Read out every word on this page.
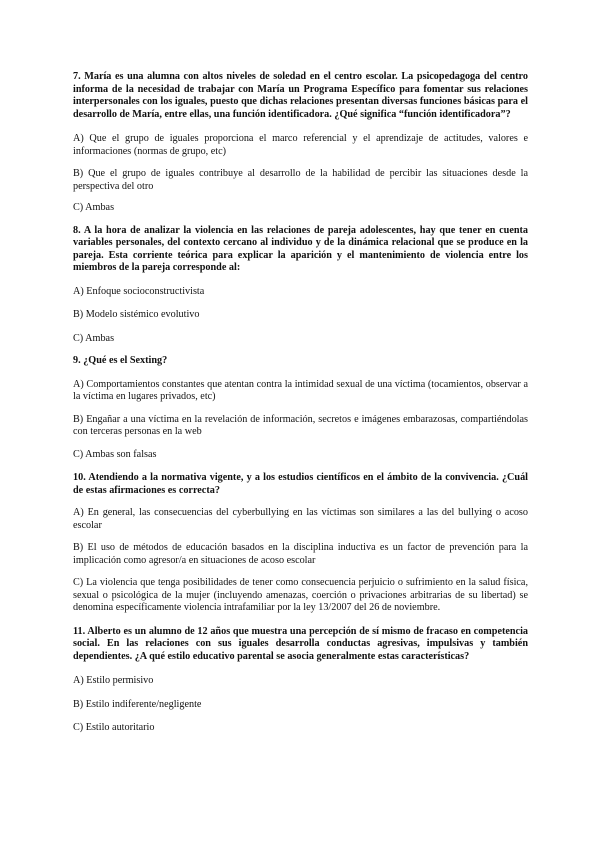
7. María es una alumna con altos niveles de soledad en el centro escolar. La psicopedagoga del centro informa de la necesidad de trabajar con María un Programa Específico para fomentar sus relaciones interpersonales con los iguales, puesto que dichas relaciones presentan diversas funciones básicas para el desarrollo de María, entre ellas, una función identificadora. ¿Qué significa “función identificadora”?

A) Que el grupo de iguales proporciona el marco referencial y el aprendizaje de actitudes, valores e informaciones (normas de grupo, etc)

B) Que el grupo de iguales contribuye al desarrollo de la habilidad de percibir las situaciones desde la perspectiva del otro

C) Ambas

8. A la hora de analizar la violencia en las relaciones de pareja adolescentes, hay que tener en cuenta variables personales, del contexto cercano al individuo y de la dinámica relacional que se produce en la pareja. Esta corriente teórica para explicar la aparición y el mantenimiento de violencia entre los miembros de la pareja corresponde al:

A) Enfoque socioconstructivista

B) Modelo sistémico evolutivo

C) Ambas

9. ¿Qué es el Sexting?

A) Comportamientos constantes que atentan contra la intimidad sexual de una víctima (tocamientos, observar a la víctima en lugares privados, etc)

B) Engañar a una víctima en la revelación de información, secretos e imágenes embarazosas, compartiéndolas con terceras personas en la web

C) Ambas son falsas

10. Atendiendo a la normativa vigente, y a los estudios científicos en el ámbito de la convivencia. ¿Cuál de estas afirmaciones es correcta?

A) En general, las consecuencias del cyberbullying en las víctimas son similares a las del bullying o acoso escolar

B) El uso de métodos de educación basados en la disciplina inductiva es un factor de prevención para la implicación como agresor/a en situaciones de acoso escolar

C) La violencia que tenga posibilidades de tener como consecuencia perjuicio o sufrimiento en la salud física, sexual o psicológica de la mujer (incluyendo amenazas, coerción o privaciones arbitrarias de su libertad) se denomina específicamente violencia intrafamiliar por la ley 13/2007 del 26 de noviembre.

11. Alberto es un alumno de 12 años que muestra una percepción de sí mismo de fracaso en competencia social. En las relaciones con sus iguales desarrolla conductas agresivas, impulsivas y también dependientes. ¿A qué estilo educativo parental se asocia generalmente estas características?

A) Estilo permisivo

B) Estilo indiferente/negligente

C) Estilo autoritario
